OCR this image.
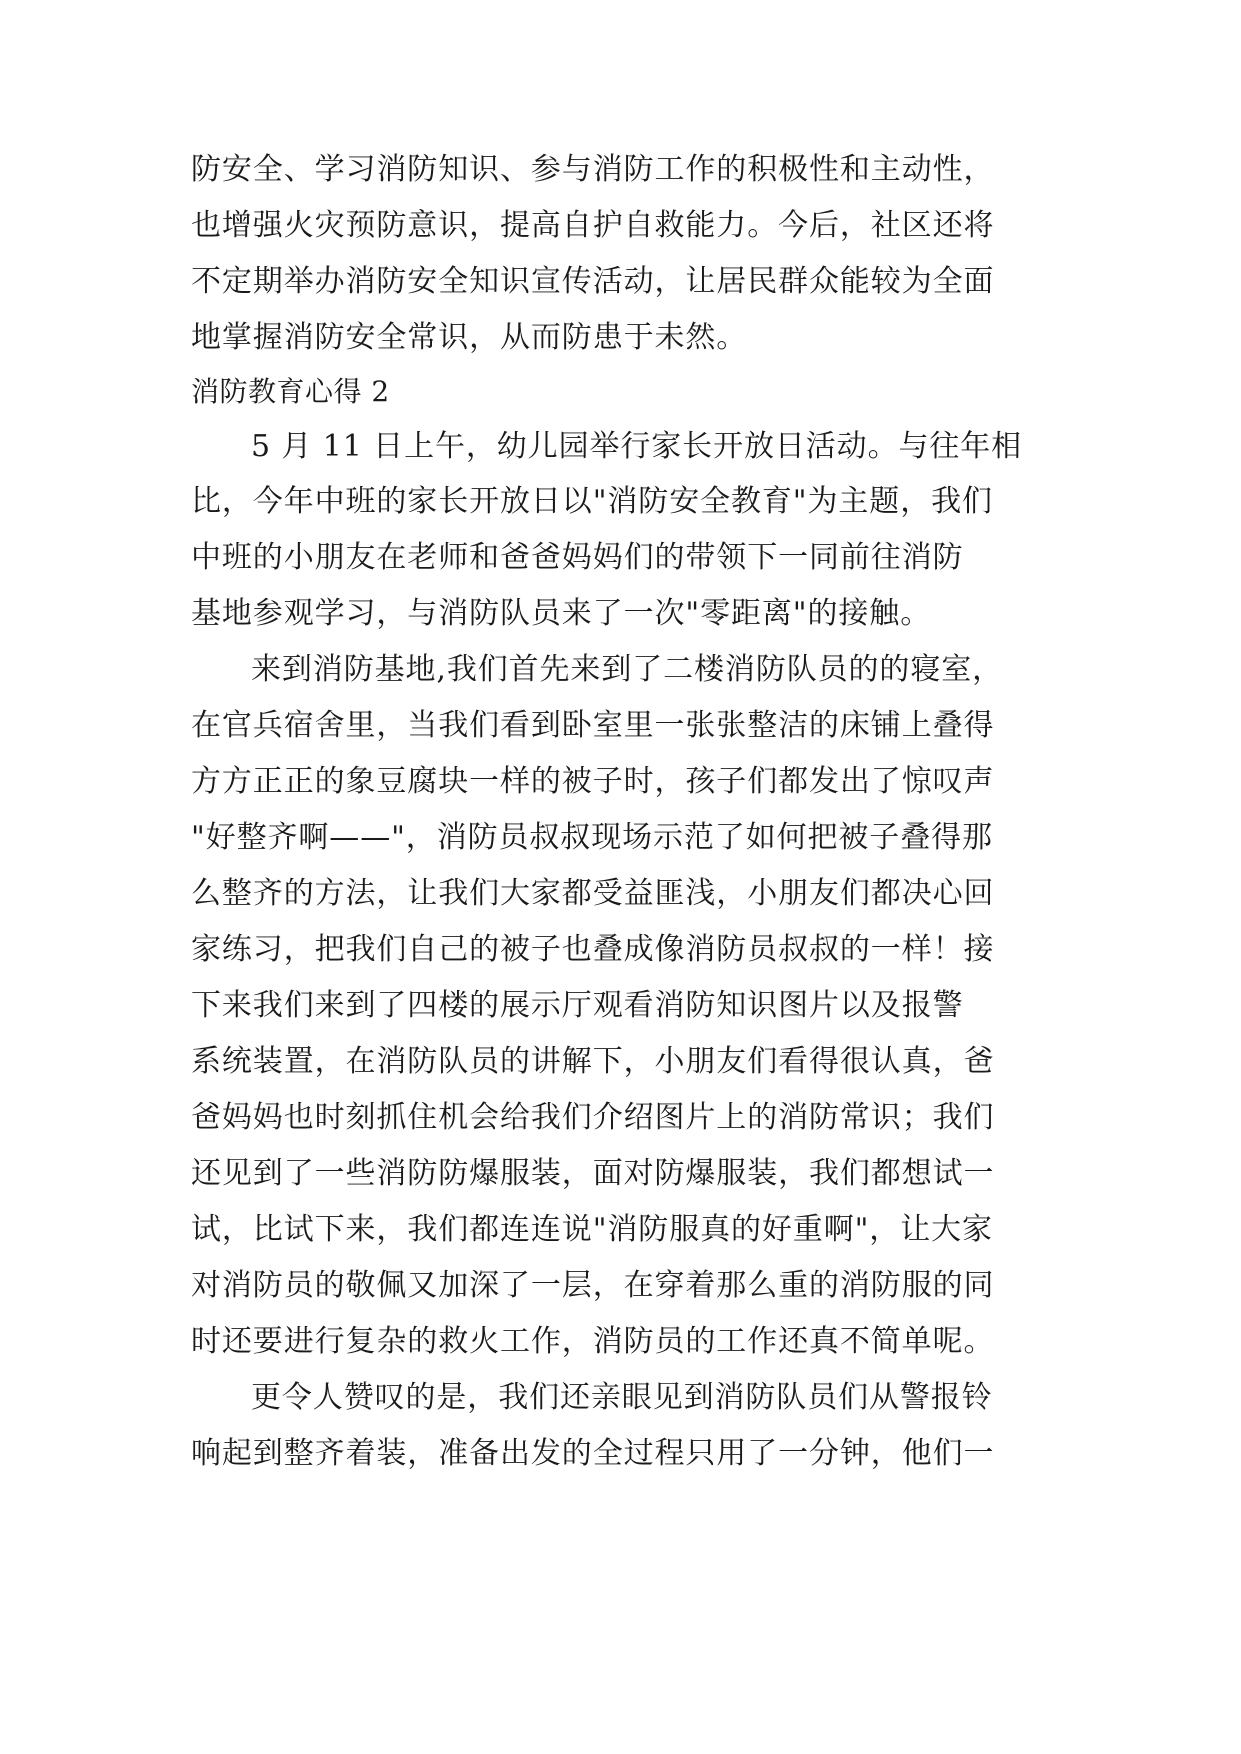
防安全、学习消防知识、参与消防工作的积极性和主动性，
也增强火灾预防意识，提高自护自救能力。今后，社区还将
不定期举办消防安全知识宣传活动，让居民群众能较为全面
地掌握消防安全常识，从而防患于未然。
消防教育心得 2
5 月 11 日上午，幼儿园举行家长开放日活动。与往年相
比，今年中班的家长开放日以"消防安全教育"为主题，我们
中班的小朋友在老师和爸爸妈妈们的带领下一同前往消防
基地参观学习，与消防队员来了一次"零距离"的接触。
来到消防基地,我们首先来到了二楼消防队员的的寝室，
在官兵宿舍里，当我们看到卧室里一张张整洁的床铺上叠得
方方正正的象豆腐块一样的被子时，孩子们都发出了惊叹声
"好整齐啊——"，消防员叔叔现场示范了如何把被子叠得那
么整齐的方法，让我们大家都受益匪浅，小朋友们都决心回
家练习，把我们自己的被子也叠成像消防员叔叔的一样！接
下来我们来到了四楼的展示厅观看消防知识图片以及报警
系统装置，在消防队员的讲解下，小朋友们看得很认真，爸
爸妈妈也时刻抓住机会给我们介绍图片上的消防常识；我们
还见到了一些消防防爆服装，面对防爆服装，我们都想试一
试，比试下来，我们都连连说"消防服真的好重啊"，让大家
对消防员的敬佩又加深了一层，在穿着那么重的消防服的同
时还要进行复杂的救火工作，消防员的工作还真不简单呢。
更令人赞叹的是，我们还亲眼见到消防队员们从警报铃
响起到整齐着装，准备出发的全过程只用了一分钟，他们一
